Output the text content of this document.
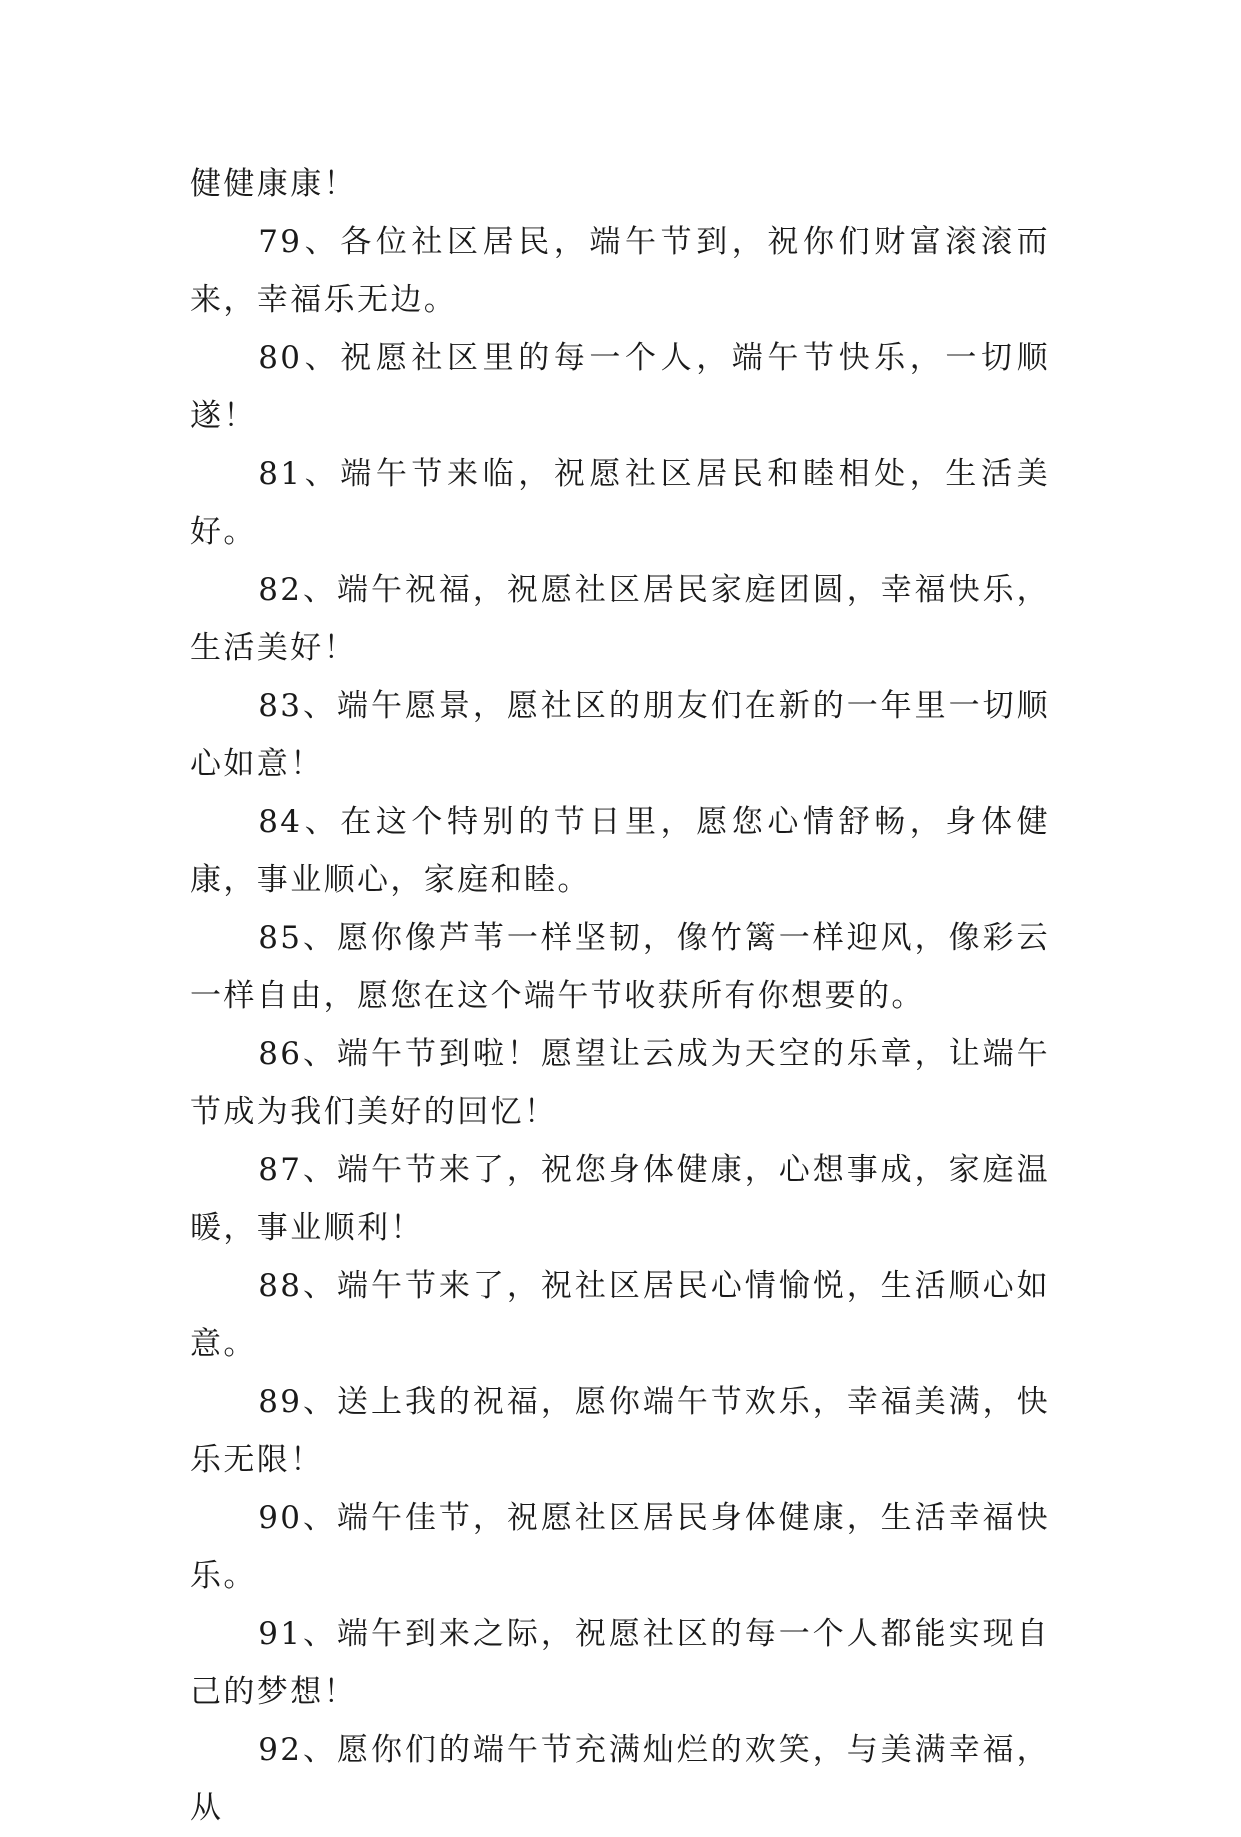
健健康康！

79、各位社区居民，端午节到，祝你们财富滚滚而来，幸福乐无边。

80、祝愿社区里的每一个人，端午节快乐，一切顺遂！

81、端午节来临，祝愿社区居民和睦相处，生活美好。

82、端午祝福，祝愿社区居民家庭团圆，幸福快乐，生活美好！

83、端午愿景，愿社区的朋友们在新的一年里一切顺心如意！

84、在这个特别的节日里，愿您心情舒畅，身体健康，事业顺心，家庭和睦。

85、愿你像芦苇一样坚韧，像竹篱一样迎风，像彩云一样自由，愿您在这个端午节收获所有你想要的。

86、端午节到啦！愿望让云成为天空的乐章，让端午节成为我们美好的回忆！

87、端午节来了，祝您身体健康，心想事成，家庭温暖，事业顺利！

88、端午节来了，祝社区居民心情愉悦，生活顺心如意。

89、送上我的祝福，愿你端午节欢乐，幸福美满，快乐无限！

90、端午佳节，祝愿社区居民身体健康，生活幸福快乐。

91、端午到来之际，祝愿社区的每一个人都能实现自己的梦想！

92、愿你们的端午节充满灿烂的欢笑，与美满幸福，从
